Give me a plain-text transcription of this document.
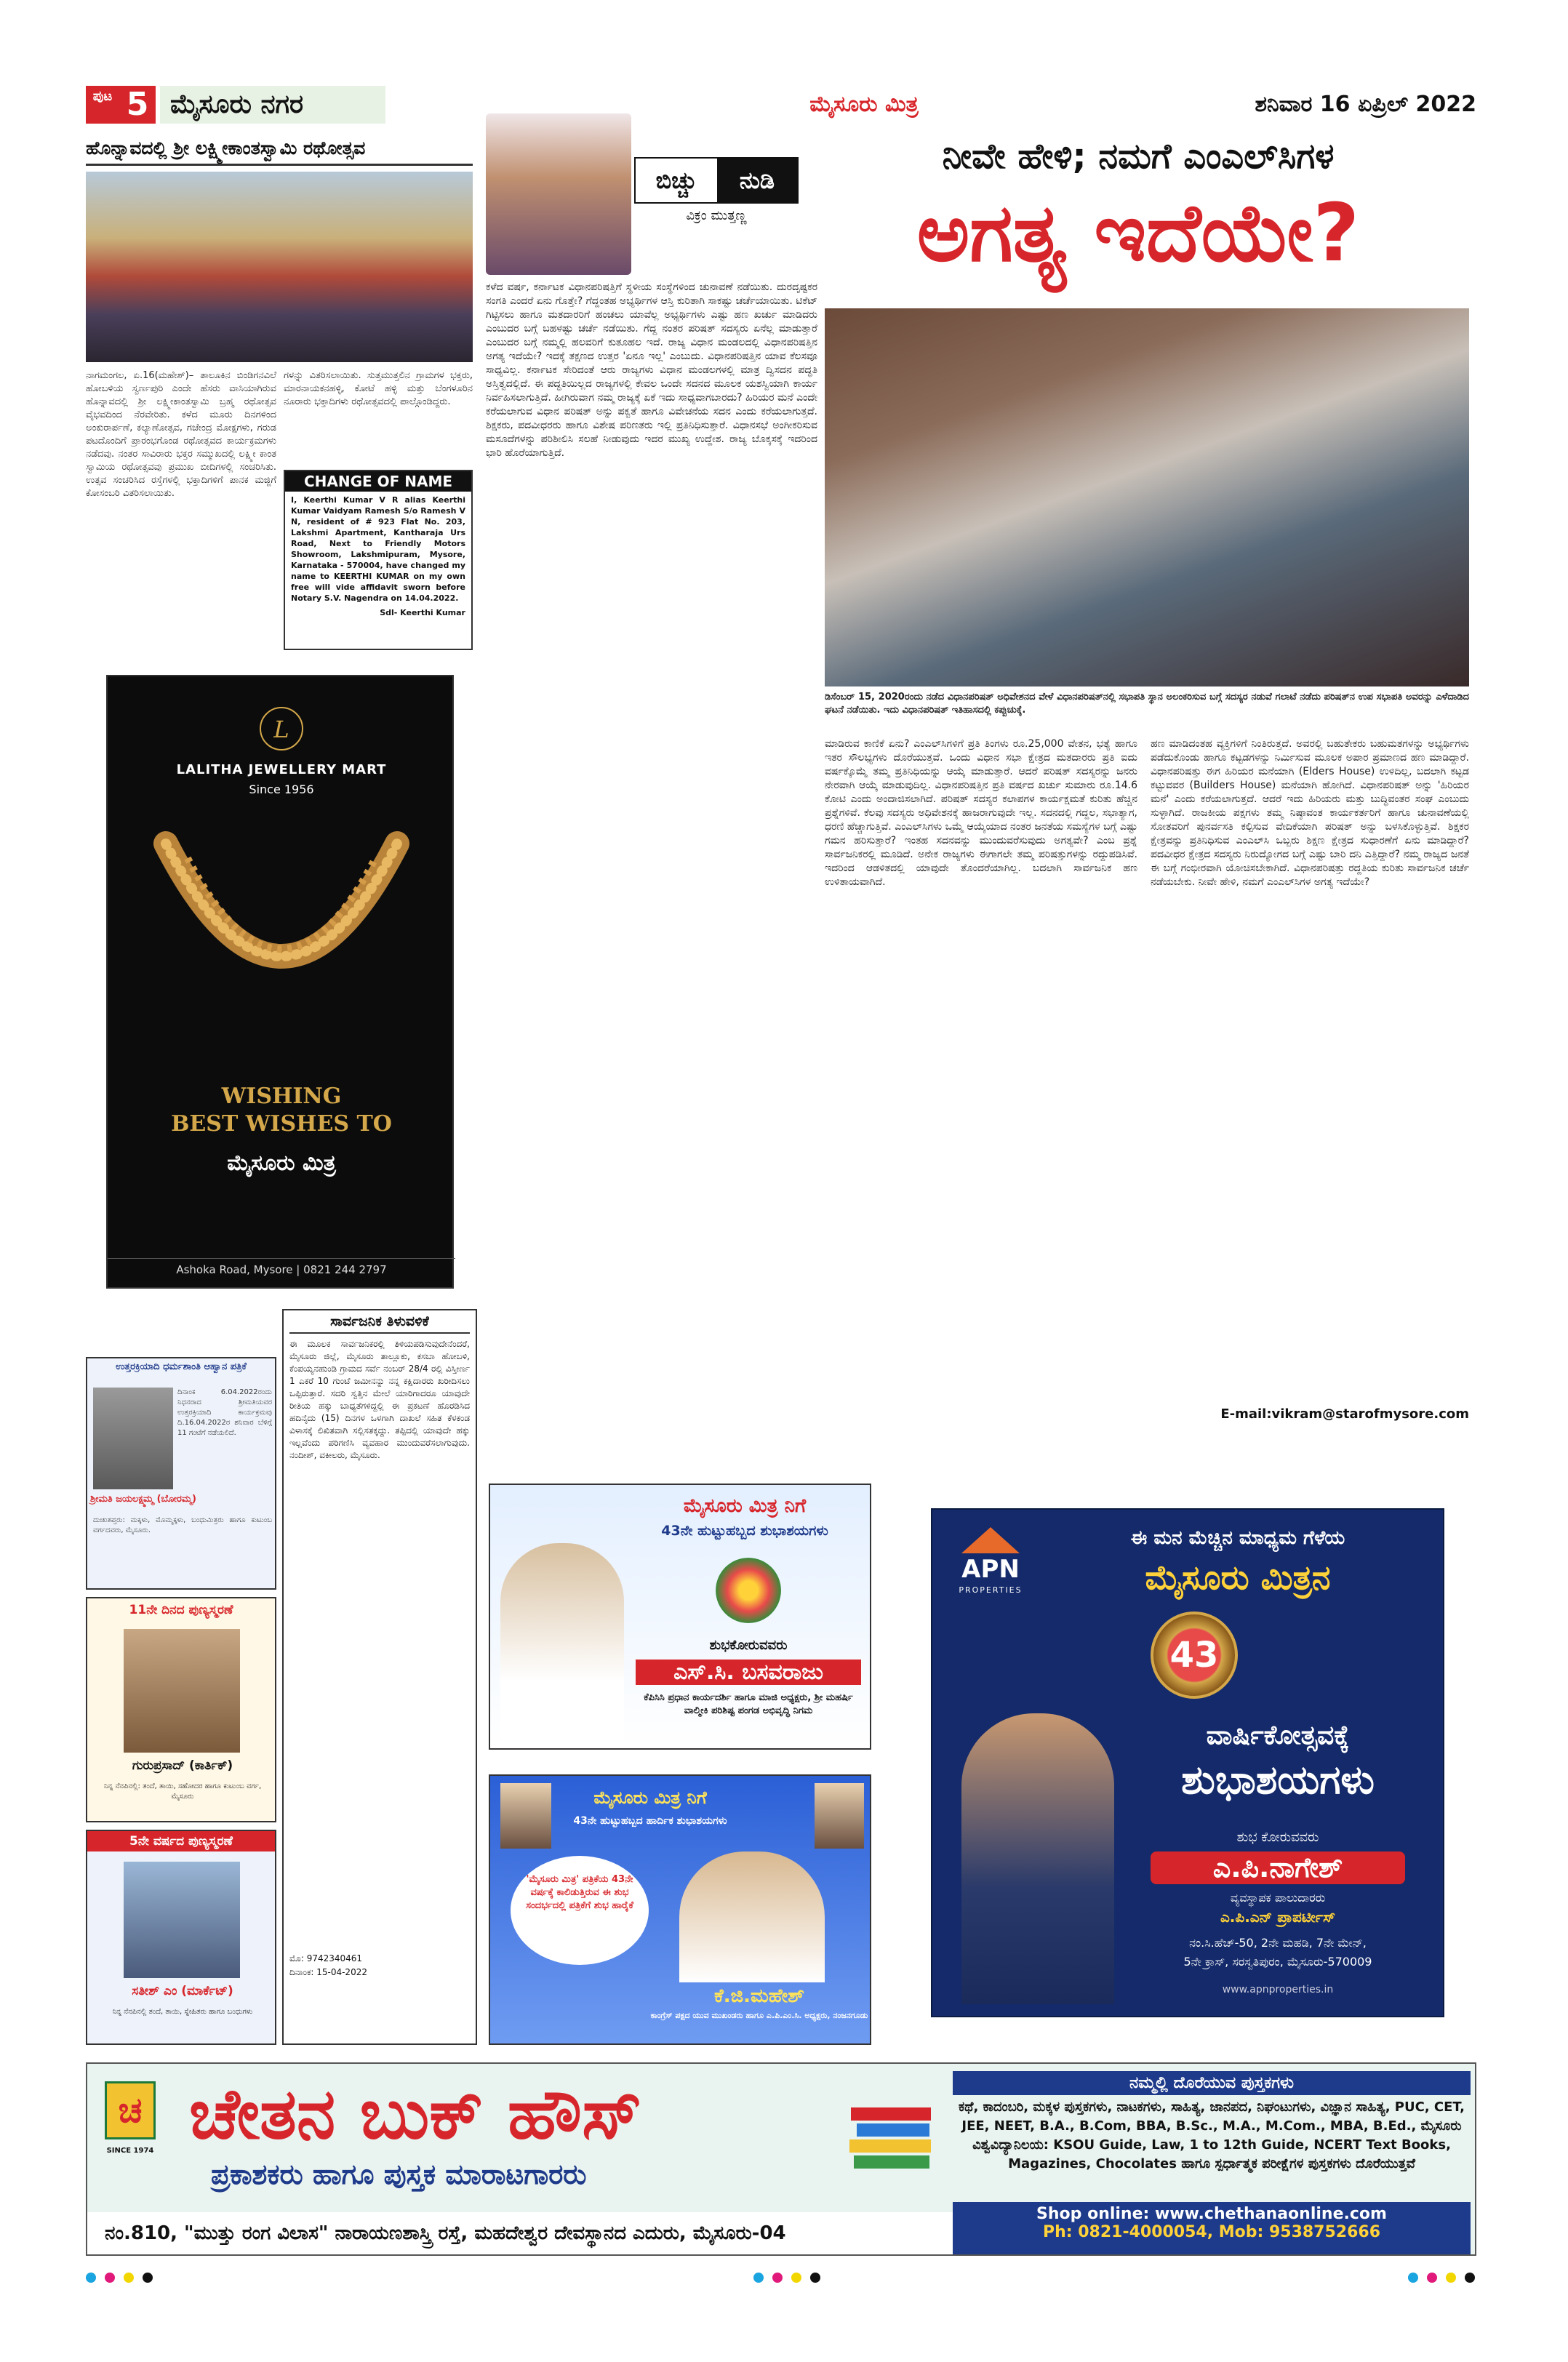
ಪುಟ 5 ಮೈಸೂರು ನಗರ	ಮೈಸೂರು ಮಿತ್ರ	ಶನಿವಾರ 16 ಏಪ್ರಿಲ್ 2022
ಹೊನ್ನಾವದಲ್ಲಿ ಶ್ರೀ ಲಕ್ಷ್ಮೀಕಾಂತಸ್ವಾಮಿ ರಥೋತ್ಸವ
ನಾಗಮಂಗಲ, ಏ.16(ಮಹೇಶ್)– ತಾಲೂಕಿನ ಬಿಂಡಿಗನವಿಲೆ ಹೋಬಳಿಯ ಸ್ವರ್ಣಪುರಿ ಎಂದೇ ಹೆಸರು ವಾಸಿಯಾಗಿರುವ ಹೊನ್ನಾವದಲ್ಲಿ ಶ್ರೀ ಲಕ್ಷ್ಮೀಕಾಂತಸ್ವಾಮಿ ಬ್ರಹ್ಮ ರಥೋತ್ಸವ ವೈಭವದಿಂದ ನೆರವೇರಿತು. ಕಳೆದ ಮೂರು ದಿನಗಳಿಂದ ಅಂಕುರಾರ್ಪಣೆ, ಕಲ್ಯಾಣೋತ್ಸವ, ಗಜೇಂದ್ರ ಮೋಕ್ಷಗಳು, ಗರುಡ ಪಟದೊಂದಿಗೆ ಪ್ರಾರಂಭಗೊಂಡ ರಥೋತ್ಸವದ ಕಾರ್ಯಕ್ರಮಗಳು ನಡೆದವು. ನಂತರ ಸಾವಿರಾರು ಭಕ್ತರ ಸಮ್ಮುಖದಲ್ಲಿ ಲಕ್ಷ್ಮೀ ಕಾಂತ ಸ್ವಾಮಿಯ ರಥೋತ್ಸವವು ಪ್ರಮುಖ ಬೀದಿಗಳಲ್ಲಿ ಸಂಚರಿಸಿತು. ಉತ್ಸವ ಸಂಚರಿಸಿದ ರಸ್ತೆಗಳಲ್ಲಿ ಭಕ್ತಾದಿಗಳಿಗೆ ಪಾನಕ ಮಜ್ಜಿಗೆ ಕೋಸಂಬರಿ ವಿತರಿಸಲಾಯಿತು.
ಗಳನ್ನು ವಿತರಿಸಲಾಯಿತು. ಸುತ್ತಮುತ್ತಲಿನ ಗ್ರಾಮಗಳ ಭಕ್ತರು, ಮಾರನಾಯಕನಹಳ್ಳಿ, ಕೋಟೆ ಹಳ್ಳಿ ಮತ್ತು ಬೆಂಗಳೂರಿನ ನೂರಾರು ಭಕ್ತಾದಿಗಳು ರಥೋತ್ಸವದಲ್ಲಿ ಪಾಲ್ಗೊಂಡಿದ್ದರು.
CHANGE OF NAME
I, Keerthi Kumar V R alias Keerthi Kumar Vaidyam Ramesh S/o Ramesh V N, resident of # 923 Flat No. 203, Lakshmi Apartment, Kantharaja Urs Road, Next to Friendly Motors Showroom, Lakshmipuram, Mysore, Karnataka - 570004, have changed my name to KEERTHI KUMAR on my own free will vide affidavit sworn before Notary S.V. Nagendra on 14.04.2022.
Sdl- Keerthi Kumar
L
LALITHA JEWELLERY MART
Since 1956
WISHING
BEST WISHES TO
ಮೈಸೂರು ಮಿತ್ರ
Ashoka Road, Mysore | 0821 244 2797
ಉತ್ತರಕ್ರಿಯಾದಿ ಧರ್ಮಶಾಂತಿ ಆಹ್ವಾನ ಪತ್ರಿಕೆ
ದಿನಾಂಕ 6.04.2022ರಂದು ನಿಧನರಾದ ಶ್ರೀಮತಿಯವರ ಉತ್ತರಕ್ರಿಯಾದಿ ಕಾರ್ಯಕ್ರಮವು ದಿ.16.04.2022ರ ಶನಿವಾರ ಬೆಳಿಗ್ಗೆ 11 ಗಂಟೆಗೆ ನಡೆಯಲಿದೆ.
ಶ್ರೀಮತಿ ಜಯಲಕ್ಷ್ಮಮ್ಮ (ಬೋರಮ್ಮ)
ದುಃಖತಪ್ತರು: ಮಕ್ಕಳು, ಮೊಮ್ಮಕ್ಕಳು, ಬಂಧುಮಿತ್ರರು ಹಾಗೂ ಕುಟುಂಬ ವರ್ಗದವರು, ಮೈಸೂರು.
11ನೇ ದಿನದ ಪುಣ್ಯಸ್ಮರಣೆ
ಗುರುಪ್ರಸಾದ್ (ಕಾರ್ತಿಕ್)
ನಿನ್ನ ನೆನಪಿನಲ್ಲಿ: ತಂದೆ, ತಾಯಿ, ಸಹೋದರ ಹಾಗೂ ಕುಟುಂಬ ವರ್ಗ, ಮೈಸೂರು
5ನೇ ವರ್ಷದ ಪುಣ್ಯಸ್ಮರಣೆ
ಸತೀಶ್ ಎಂ (ಮಾರ್ಕೆಟ್)
ನಿನ್ನ ನೆನಪಿನಲ್ಲಿ ತಂದೆ, ತಾಯಿ, ಸ್ನೇಹಿತರು ಹಾಗೂ ಬಂಧುಗಳು
ಸಾರ್ವಜನಿಕ ತಿಳುವಳಿಕೆ
ಈ ಮೂಲಕ ಸಾರ್ವಜನಿಕರಲ್ಲಿ ತಿಳಿಯಪಡಿಸುವುದೇನೆಂದರೆ, ಮೈಸೂರು ಜಿಲ್ಲೆ, ಮೈಸೂರು ತಾಲ್ಲೂಕು, ಕಸಬಾ ಹೋಬಳಿ, ಕೆಂಪಯ್ಯನಹುಂಡಿ ಗ್ರಾಮದ ಸರ್ವೆ ನಂಬರ್ 28/4 ರಲ್ಲಿ ವಿಸ್ತೀರ್ಣ 1 ಎಕರೆ 10 ಗುಂಟೆ ಜಮೀನನ್ನು ನನ್ನ ಕಕ್ಷಿದಾರರು ಖರೀದಿಸಲು ಒಪ್ಪಿರುತ್ತಾರೆ. ಸದರಿ ಸ್ವತ್ತಿನ ಮೇಲೆ ಯಾರಿಗಾದರೂ ಯಾವುದೇ ರೀತಿಯ ಹಕ್ಕು ಬಾಧ್ಯತೆಗಳಿದ್ದಲ್ಲಿ ಈ ಪ್ರಕಟಣೆ ಹೊರಡಿಸಿದ ಹದಿನೈದು (15) ದಿನಗಳ ಒಳಗಾಗಿ ದಾಖಲೆ ಸಹಿತ ಕೆಳಕಂಡ ವಿಳಾಸಕ್ಕೆ ಲಿಖಿತವಾಗಿ ಸಲ್ಲಿಸತಕ್ಕದ್ದು. ತಪ್ಪಿದಲ್ಲಿ ಯಾವುದೇ ಹಕ್ಕು ಇಲ್ಲವೆಂದು ಪರಿಗಣಿಸಿ ವ್ಯವಹಾರ ಮುಂದುವರೆಸಲಾಗುವುದು. ನಂದೀಶ್, ವಕೀಲರು, ಮೈಸೂರು.
ಮೊ: 9742340461
ದಿನಾಂಕ: 15-04-2022
ಬಿಚ್ಚು	ನುಡಿ
ವಿಕ್ರಂ ಮುತ್ತಣ್ಣ
ನೀವೇ ಹೇಳಿ; ನಮಗೆ ಎಂಎಲ್‌ಸಿಗಳ
ಅಗತ್ಯ ಇದೆಯೇ?
ಕಳೆದ ವರ್ಷ, ಕರ್ನಾಟಕ ವಿಧಾನಪರಿಷತ್ತಿಗೆ ಸ್ಥಳೀಯ ಸಂಸ್ಥೆಗಳಿಂದ ಚುನಾವಣೆ ನಡೆಯಿತು. ದುರದೃಷ್ಟಕರ ಸಂಗತಿ ಎಂದರೆ ಏನು ಗೊತ್ತೇ? ಗೆದ್ದಂತಹ ಅಭ್ಯರ್ಥಿಗಳ ಆಸ್ತಿ ಕುರಿತಾಗಿ ಸಾಕಷ್ಟು ಚರ್ಚೆಯಾಯಿತು. ಟಿಕೆಟ್ ಗಿಟ್ಟಿಸಲು ಹಾಗೂ ಮತದಾರರಿಗೆ ಹಂಚಲು ಯಾವೆಲ್ಲ ಅಭ್ಯರ್ಥಿಗಳು ಎಷ್ಟು ಹಣ ಖರ್ಚು ಮಾಡಿದರು ಎಂಬುದರ ಬಗ್ಗೆ ಬಹಳಷ್ಟು ಚರ್ಚೆ ನಡೆಯಿತು. ಗೆದ್ದ ನಂತರ ಪರಿಷತ್ ಸದಸ್ಯರು ಏನೆಲ್ಲ ಮಾಡುತ್ತಾರೆ ಎಂಬುದರ ಬಗ್ಗೆ ನಮ್ಮಲ್ಲಿ ಹಲವರಿಗೆ ಕುತೂಹಲ ಇದೆ. ರಾಜ್ಯ ವಿಧಾನ ಮಂಡಲದಲ್ಲಿ ವಿಧಾನಪರಿಷತ್ತಿನ ಅಗತ್ಯ ಇದೆಯೇ? ಇದಕ್ಕೆ ತಕ್ಷಣದ ಉತ್ತರ 'ಏನೂ ಇಲ್ಲ' ಎಂಬುದು. ವಿಧಾನಪರಿಷತ್ತಿನ ಯಾವ ಕೆಲಸವೂ ಸಾಧ್ಯವಿಲ್ಲ. ಕರ್ನಾಟಕ ಸೇರಿದಂತೆ ಆರು ರಾಜ್ಯಗಳು ವಿಧಾನ ಮಂಡಲಗಳಲ್ಲಿ ಮಾತ್ರ ದ್ವಿಸದನ ಪದ್ಧತಿ ಅಸ್ತಿತ್ವದಲ್ಲಿದೆ. ಈ ಪದ್ಧತಿಯಿಲ್ಲದ ರಾಜ್ಯಗಳಲ್ಲಿ ಕೇವಲ ಒಂದೇ ಸದನದ ಮೂಲಕ ಯಶಸ್ವಿಯಾಗಿ ಕಾರ್ಯ ನಿರ್ವಹಿಸಲಾಗುತ್ತಿದೆ. ಹೀಗಿರುವಾಗ ನಮ್ಮ ರಾಜ್ಯಕ್ಕೆ ಏಕೆ ಇದು ಸಾಧ್ಯವಾಗಬಾರದು? ಹಿರಿಯರ ಮನೆ ಎಂದೇ ಕರೆಯಲಾಗುವ ವಿಧಾನ ಪರಿಷತ್ ಅನ್ನು ಪಕ್ವತೆ ಹಾಗೂ ವಿವೇಚನೆಯ ಸದನ ಎಂದು ಕರೆಯಲಾಗುತ್ತದೆ. ಶಿಕ್ಷಕರು, ಪದವೀಧರರು ಹಾಗೂ ವಿಶೇಷ ಪರಿಣತರು ಇಲ್ಲಿ ಪ್ರತಿನಿಧಿಸುತ್ತಾರೆ. ವಿಧಾನಸಭೆ ಅಂಗೀಕರಿಸುವ ಮಸೂದೆಗಳನ್ನು ಪರಿಶೀಲಿಸಿ ಸಲಹೆ ನೀಡುವುದು ಇದರ ಮುಖ್ಯ ಉದ್ದೇಶ. ರಾಜ್ಯ ಬೊಕ್ಕಸಕ್ಕೆ ಇದರಿಂದ ಭಾರಿ ಹೊರೆಯಾಗುತ್ತಿದೆ.
ಡಿಸೆಂಬರ್ 15, 2020ರಂದು ನಡೆದ ವಿಧಾನಪರಿಷತ್ ಅಧಿವೇಶನದ ವೇಳೆ ವಿಧಾನಪರಿಷತ್‌ನಲ್ಲಿ ಸಭಾಪತಿ ಸ್ಥಾನ ಅಲಂಕರಿಸುವ ಬಗ್ಗೆ ಸದಸ್ಯರ ನಡುವೆ ಗಲಾಟೆ ನಡೆದು ಪರಿಷತ್‌ನ ಉಪ ಸಭಾಪತಿ ಅವರನ್ನು ಎಳೆದಾಡಿದ ಘಟನೆ ನಡೆಯಿತು. ಇದು ವಿಧಾನಪರಿಷತ್ ಇತಿಹಾಸದಲ್ಲಿ ಕಪ್ಪುಚುಕ್ಕೆ.
ಮಾಡಿರುವ ಕಾಣಿಕೆ ಏನು? ಎಂಎಲ್‌ಸಿಗಳಿಗೆ ಪ್ರತಿ ತಿಂಗಳು ರೂ.25,000 ವೇತನ, ಭತ್ಯೆ ಹಾಗೂ ಇತರ ಸೌಲಭ್ಯಗಳು ದೊರೆಯುತ್ತವೆ. ಒಂದು ವಿಧಾನ ಸಭಾ ಕ್ಷೇತ್ರದ ಮತದಾರರು ಪ್ರತಿ ಐದು ವರ್ಷಕ್ಕೊಮ್ಮೆ ತಮ್ಮ ಪ್ರತಿನಿಧಿಯನ್ನು ಆಯ್ಕೆ ಮಾಡುತ್ತಾರೆ. ಆದರೆ ಪರಿಷತ್ ಸದಸ್ಯರನ್ನು ಜನರು ನೇರವಾಗಿ ಆಯ್ಕೆ ಮಾಡುವುದಿಲ್ಲ. ವಿಧಾನಪರಿಷತ್ತಿನ ಪ್ರತಿ ವರ್ಷದ ಖರ್ಚು ಸುಮಾರು ರೂ.14.6 ಕೋಟಿ ಎಂದು ಅಂದಾಜಿಸಲಾಗಿದೆ. ಪರಿಷತ್ ಸದಸ್ಯರ ಕಲಾಪಗಳ ಕಾರ್ಯಕ್ಷಮತೆ ಕುರಿತು ಹೆಚ್ಚಿನ ಪ್ರಶ್ನೆಗಳಿವೆ. ಕೆಲವು ಸದಸ್ಯರು ಅಧಿವೇಶನಕ್ಕೆ ಹಾಜರಾಗುವುದೇ ಇಲ್ಲ. ಸದನದಲ್ಲಿ ಗದ್ದಲ, ಸಭಾತ್ಯಾಗ, ಧರಣಿ ಹೆಚ್ಚಾಗುತ್ತಿವೆ. ಎಂಎಲ್‌ಸಿಗಳು ಒಮ್ಮೆ ಆಯ್ಕೆಯಾದ ನಂತರ ಜನತೆಯ ಸಮಸ್ಯೆಗಳ ಬಗ್ಗೆ ಎಷ್ಟು ಗಮನ ಹರಿಸುತ್ತಾರೆ? ಇಂತಹ ಸದನವನ್ನು ಮುಂದುವರೆಸುವುದು ಅಗತ್ಯವೇ? ಎಂಬ ಪ್ರಶ್ನೆ ಸಾರ್ವಜನಿಕರಲ್ಲಿ ಮೂಡಿದೆ. ಅನೇಕ ರಾಜ್ಯಗಳು ಈಗಾಗಲೇ ತಮ್ಮ ಪರಿಷತ್ತುಗಳನ್ನು ರದ್ದುಪಡಿಸಿವೆ. ಇದರಿಂದ ಆಡಳಿತದಲ್ಲಿ ಯಾವುದೇ ತೊಂದರೆಯಾಗಿಲ್ಲ. ಬದಲಾಗಿ ಸಾರ್ವಜನಿಕ ಹಣ ಉಳಿತಾಯವಾಗಿದೆ.
ಹಣ ಮಾಡಿದಂತಹ ವ್ಯಕ್ತಿಗಳಿಗೆ ನಿಂತಿರುತ್ತದೆ. ಅವರಲ್ಲಿ ಬಹುತೇಕರು ಬಹುಮತಗಳನ್ನು ಅಭ್ಯರ್ಥಿಗಳು ಪಡೆದುಕೊಂಡು ಹಾಗೂ ಕಟ್ಟಡಗಳನ್ನು ನಿರ್ಮಿಸುವ ಮೂಲಕ ಅಪಾರ ಪ್ರಮಾಣದ ಹಣ ಮಾಡಿದ್ದಾರೆ. ವಿಧಾನಪರಿಷತ್ತು ಈಗ ಹಿರಿಯರ ಮನೆಯಾಗಿ (Elders House) ಉಳಿದಿಲ್ಲ, ಬದಲಾಗಿ ಕಟ್ಟಡ ಕಟ್ಟುವವರ (Builders House) ಮನೆಯಾಗಿ ಹೋಗಿದೆ. ವಿಧಾನಪರಿಷತ್ ಅನ್ನು 'ಹಿರಿಯರ ಮನೆ' ಎಂದು ಕರೆಯಲಾಗುತ್ತದೆ. ಆದರೆ ಇದು ಹಿರಿಯರು ಮತ್ತು ಬುದ್ಧಿವಂತರ ಸಂಘ ಎಂಬುದು ಸುಳ್ಳಾಗಿದೆ. ರಾಜಕೀಯ ಪಕ್ಷಗಳು ತಮ್ಮ ನಿಷ್ಠಾವಂತ ಕಾರ್ಯಕರ್ತರಿಗೆ ಹಾಗೂ ಚುನಾವಣೆಯಲ್ಲಿ ಸೋತವರಿಗೆ ಪುನರ್ವಸತಿ ಕಲ್ಪಿಸುವ ವೇದಿಕೆಯಾಗಿ ಪರಿಷತ್ ಅನ್ನು ಬಳಸಿಕೊಳ್ಳುತ್ತಿವೆ. ಶಿಕ್ಷಕರ ಕ್ಷೇತ್ರವನ್ನು ಪ್ರತಿನಿಧಿಸುವ ಎಂಎಲ್‌ಸಿ ಒಬ್ಬರು ಶಿಕ್ಷಣ ಕ್ಷೇತ್ರದ ಸುಧಾರಣೆಗೆ ಏನು ಮಾಡಿದ್ದಾರೆ? ಪದವೀಧರ ಕ್ಷೇತ್ರದ ಸದಸ್ಯರು ನಿರುದ್ಯೋಗದ ಬಗ್ಗೆ ಎಷ್ಟು ಬಾರಿ ದನಿ ಎತ್ತಿದ್ದಾರೆ? ನಮ್ಮ ರಾಜ್ಯದ ಜನತೆ ಈ ಬಗ್ಗೆ ಗಂಭೀರವಾಗಿ ಯೋಚಿಸಬೇಕಾಗಿದೆ. ವಿಧಾನಪರಿಷತ್ತು ರದ್ದತಿಯ ಕುರಿತು ಸಾರ್ವಜನಿಕ ಚರ್ಚೆ ನಡೆಯಬೇಕು. ನೀವೇ ಹೇಳಿ, ನಮಗೆ ಎಂಎಲ್‌ಸಿಗಳ ಅಗತ್ಯ ಇದೆಯೇ?
E-mail:vikram@starofmysore.com
ಮೈಸೂರು ಮಿತ್ರ ನಿಗೆ
43ನೇ ಹುಟ್ಟುಹಬ್ಬದ ಶುಭಾಶಯಗಳು
ಶುಭಕೋರುವವರು
ಎಸ್.ಸಿ. ಬಸವರಾಜು
ಕೆಪಿಸಿಸಿ ಪ್ರಧಾನ ಕಾರ್ಯದರ್ಶಿ ಹಾಗೂ ಮಾಜಿ ಅಧ್ಯಕ್ಷರು, ಶ್ರೀ ಮಹರ್ಷಿ ವಾಲ್ಮೀಕಿ ಪರಿಶಿಷ್ಟ ಪಂಗಡ ಅಭಿವೃದ್ಧಿ ನಿಗಮ
ಮೈಸೂರು ಮಿತ್ರ ನಿಗೆ
43ನೇ ಹುಟ್ಟುಹಬ್ಬದ ಹಾರ್ದಿಕ ಶುಭಾಶಯಗಳು
'ಮೈಸೂರು ಮಿತ್ರ' ಪತ್ರಿಕೆಯ 43ನೇ ವರ್ಷಕ್ಕೆ ಕಾಲಿಡುತ್ತಿರುವ ಈ ಶುಭ ಸಂದರ್ಭದಲ್ಲಿ ಪತ್ರಿಕೆಗೆ ಶುಭ ಹಾರೈಕೆ
ಕೆ.ಜಿ.ಮಹೇಶ್
ಕಾಂಗ್ರೆಸ್ ಪಕ್ಷದ ಯುವ ಮುಖಂಡರು ಹಾಗೂ ಎ.ಪಿ.ಎಂ.ಸಿ. ಅಧ್ಯಕ್ಷರು, ನಂಜನಗೂಡು
APN
PROPERTIES
ಈ ಮನ ಮೆಚ್ಚಿನ ಮಾಧ್ಯಮ ಗೆಳೆಯ
ಮೈಸೂರು ಮಿತ್ರನ
43
ವಾರ್ಷಿಕೋತ್ಸವಕ್ಕೆ
ಶುಭಾಶಯಗಳು
ಶುಭ ಕೋರುವವರು
ಎ.ಪಿ.ನಾಗೇಶ್
ವ್ಯವಸ್ಥಾಪಕ ಪಾಲುದಾರರು
ಎ.ಪಿ.ಎನ್ ಪ್ರಾಪರ್ಟೀಸ್
ನಂ.ಸಿ.ಹೆಚ್-50, 2ನೇ ಮಹಡಿ, 7ನೇ ಮೇನ್,
5ನೇ ಕ್ರಾಸ್, ಸರಸ್ವತಿಪುರಂ, ಮೈಸೂರು-570009
www.apnproperties.in
ಚ
SINCE 1974 ಚೇತನ ಬುಕ್ ಹೌಸ್
ಪ್ರಕಾಶಕರು ಹಾಗೂ ಪುಸ್ತಕ ಮಾರಾಟಗಾರರು
ನಮ್ಮಲ್ಲಿ ದೊರೆಯುವ ಪುಸ್ತಕಗಳು
ಕಥೆ, ಕಾದಂಬರಿ, ಮಕ್ಕಳ ಪುಸ್ತಕಗಳು, ನಾಟಕಗಳು, ಸಾಹಿತ್ಯ, ಜಾನಪದ, ನಿಘಂಟುಗಳು, ವಿಜ್ಞಾನ ಸಾಹಿತ್ಯ, PUC, CET, JEE, NEET, B.A., B.Com, BBA, B.Sc., M.A., M.Com., MBA, B.Ed., ಮೈಸೂರು ವಿಶ್ವವಿದ್ಯಾನಿಲಯ: KSOU Guide, Law, 1 to 12th Guide, NCERT Text Books, Magazines, Chocolates ಹಾಗೂ ಸ್ಪರ್ಧಾತ್ಮಕ ಪರೀಕ್ಷೆಗಳ ಪುಸ್ತಕಗಳು ದೊರೆಯುತ್ತವೆ
ನಂ.810, "ಮುತ್ತು ರಂಗ ವಿಲಾಸ" ನಾರಾಯಣಶಾಸ್ತ್ರಿ ರಸ್ತೆ, ಮಹದೇಶ್ವರ ದೇವಸ್ಥಾನದ ಎದುರು, ಮೈಸೂರು-04
Shop online: www.chethanaonline.com
Ph: 0821-4000054, Mob: 9538752666
